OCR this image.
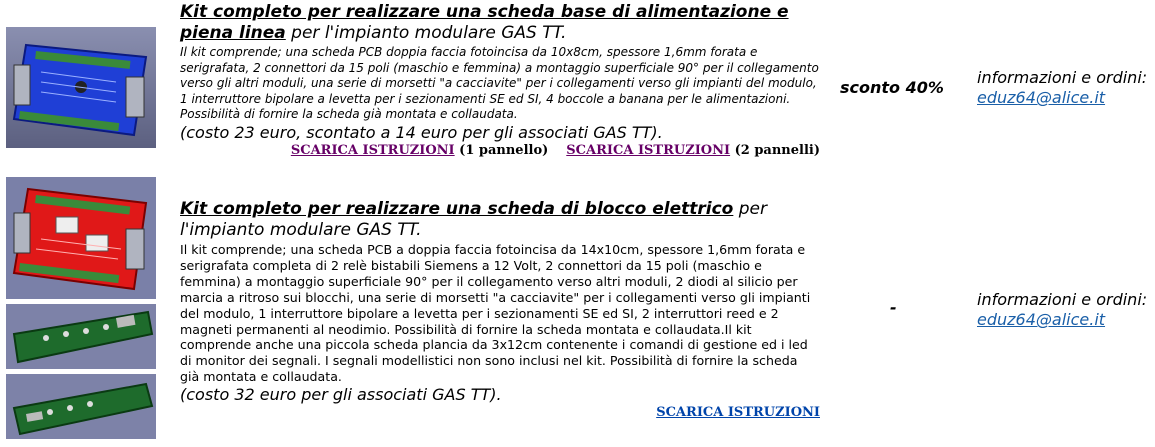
Kit completo per realizzare una scheda base di alimentazione e piena linea per l'impianto modulare GAS TT.
Il kit comprende; una scheda PCB doppia faccia fotoincisa da 10x8cm, spessore 1,6mm forata e serigrafata, 2 connettori da 15 poli (maschio e femmina) a montaggio superficiale 90° per il collegamento verso gli altri moduli, una serie di morsetti "a cacciavite" per i collegamenti verso gli impianti del modulo, 1 interruttore bipolare a levetta per i sezionamenti SE ed SI, 4 boccole a banana per le alimentazioni. Possibilità di fornire la scheda già montata e collaudata.
(costo 23 euro, scontato a 14 euro per gli associati GAS TT).
SCARICA ISTRUZIONI (1 pannello) SCARICA ISTRUZIONI (2 pannelli)
sconto 40%
informazioni e ordini:
eduz64@alice.it
Kit completo per realizzare una scheda di blocco elettrico per l'impianto modulare GAS TT.
Il kit comprende; una scheda PCB a doppia faccia fotoincisa da 14x10cm, spessore 1,6mm forata e serigrafata completa di 2 relè bistabili Siemens a 12 Volt, 2 connettori da 15 poli (maschio e femmina) a montaggio superficiale 90° per il collegamento verso altri moduli, 2 diodi al silicio per marcia a ritroso sui blocchi, una serie di morsetti "a cacciavite" per i collegamenti verso gli impianti del modulo, 1 interruttore bipolare a levetta per i sezionamenti SE ed SI, 2 interruttori reed e 2 magneti permanenti al neodimio. Possibilità di fornire la scheda montata e collaudata.Il kit comprende anche una piccola scheda plancia da 3x12cm contenente i comandi di gestione ed i led di monitor dei segnali. I segnali modellistici non sono inclusi nel kit. Possibilità di fornire la scheda già montata e collaudata.
(costo 32 euro per gli associati GAS TT).
SCARICA ISTRUZIONI
-	informazioni e ordini:
eduz64@alice.it
